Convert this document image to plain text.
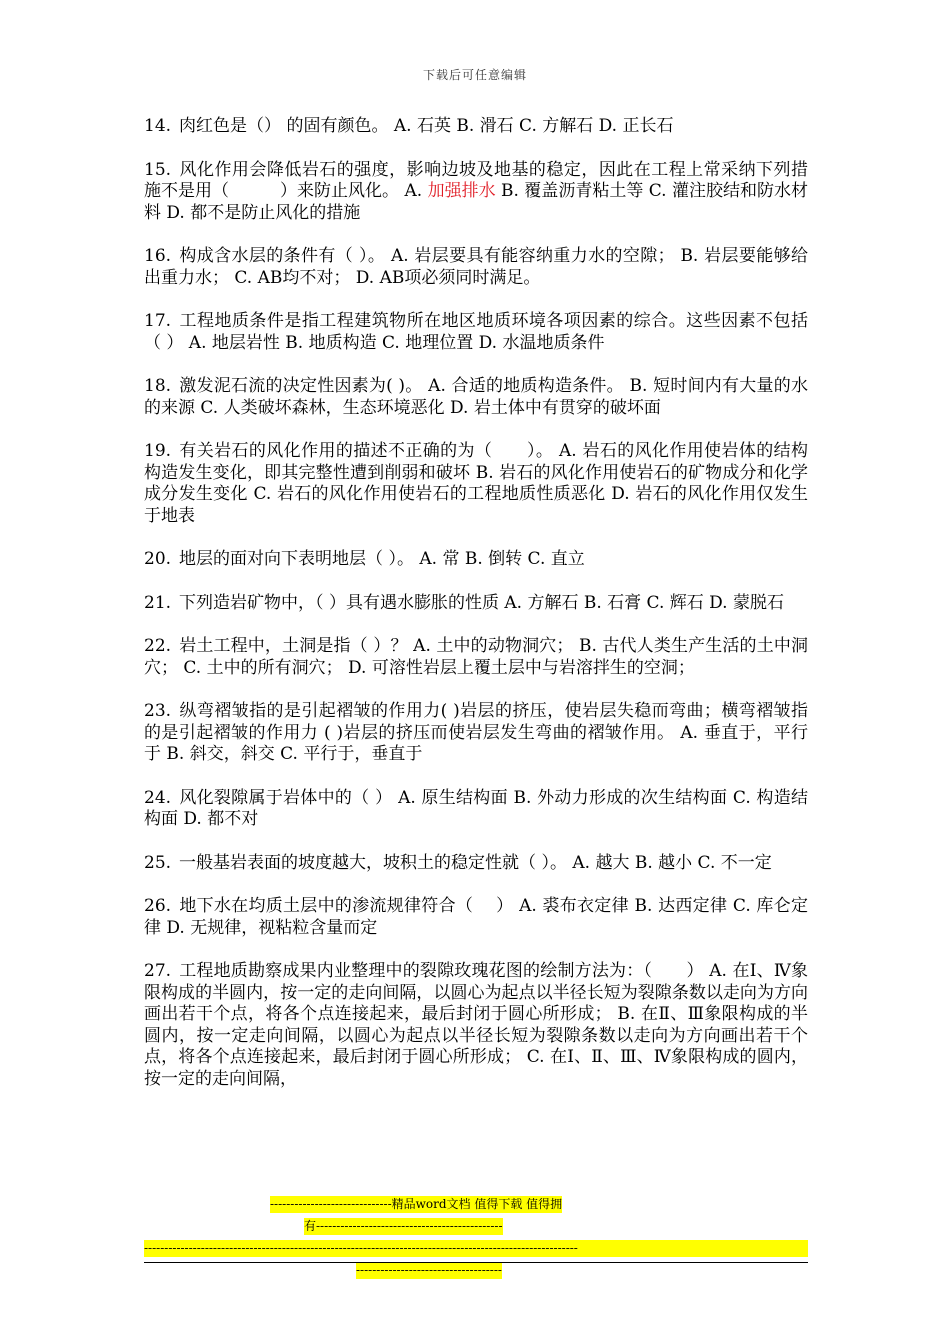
下载后可任意编辑

14. 肉红色是（） 的固有颜色。 A. 石英 B. 滑石 C. 方解石 D. 正长石

15. 风化作用会降低岩石的强度，影响边坡及地基的稳定，因此在工程上常采纳下列措施不是用（　　　）来防止风化。 A. 加强排水 B. 覆盖沥青粘土等 C. 灌注胶结和防水材料 D. 都不是防止风化的措施

16. 构成含水层的条件有（ ）。 A. 岩层要具有能容纳重力水的空隙； B. 岩层要能够给出重力水； C. AB均不对； D. AB项必须同时满足。

17. 工程地质条件是指工程建筑物所在地区地质环境各项因素的综合。这些因素不包括（ ） A. 地层岩性 B. 地质构造 C. 地理位置 D. 水温地质条件

18. 激发泥石流的决定性因素为( )。 A. 合适的地质构造条件。 B. 短时间内有大量的水的来源 C. 人类破坏森林，生态环境恶化 D. 岩土体中有贯穿的破坏面

19. 有关岩石的风化作用的描述不正确的为（　　）。 A. 岩石的风化作用使岩体的结构构造发生变化，即其完整性遭到削弱和破坏 B. 岩石的风化作用使岩石的矿物成分和化学成分发生变化 C. 岩石的风化作用使岩石的工程地质性质恶化 D. 岩石的风化作用仅发生于地表

20. 地层的面对向下表明地层（ ）。 A. 常 B. 倒转 C. 直立

21. 下列造岩矿物中，（ ）具有遇水膨胀的性质 A. 方解石 B. 石膏 C. 辉石 D. 蒙脱石

22. 岩土工程中，土洞是指（ ）？ A. 土中的动物洞穴； B. 古代人类生产生活的土中洞穴； C. 土中的所有洞穴； D. 可溶性岩层上覆土层中与岩溶拌生的空洞；

23. 纵弯褶皱指的是引起褶皱的作用力( )岩层的挤压，使岩层失稳而弯曲；横弯褶皱指的是引起褶皱的作用力 ( )岩层的挤压而使岩层发生弯曲的褶皱作用。 A. 垂直于，平行于 B. 斜交，斜交 C. 平行于，垂直于

24. 风化裂隙属于岩体中的（ ） A. 原生结构面 B. 外动力形成的次生结构面 C. 构造结构面 D. 都不对

25. 一般基岩表面的坡度越大，坡积土的稳定性就（ ）。 A. 越大 B. 越小 C. 不一定

26. 地下水在均质土层中的渗流规律符合（　 ） A. 裘布衣定律 B. 达西定律 C. 库仑定律 D. 无规律，视粘粒含量而定

27. 工程地质勘察成果内业整理中的裂隙玫瑰花图的绘制方法为：（　　） A. 在Ⅰ、Ⅳ象限构成的半圆内，按一定的走向间隔，以圆心为起点以半径长短为裂隙条数以走向为方向画出若干个点，将各个点连接起来，最后封闭于圆心所形成； B. 在Ⅱ、Ⅲ象限构成的半圆内，按一定走向间隔，以圆心为起点以半径长短为裂隙条数以走向为方向画出若干个点，将各个点连接起来，最后封闭于圆心所形成； C. 在Ⅰ、Ⅱ、Ⅲ、Ⅳ象限构成的圆内，按一定的走向间隔，

------------------------------精品word文档 值得下载 值得拥
有----------------------------------------------
-----------------------------------------------------------------------------------------------------------
------------------------------------
